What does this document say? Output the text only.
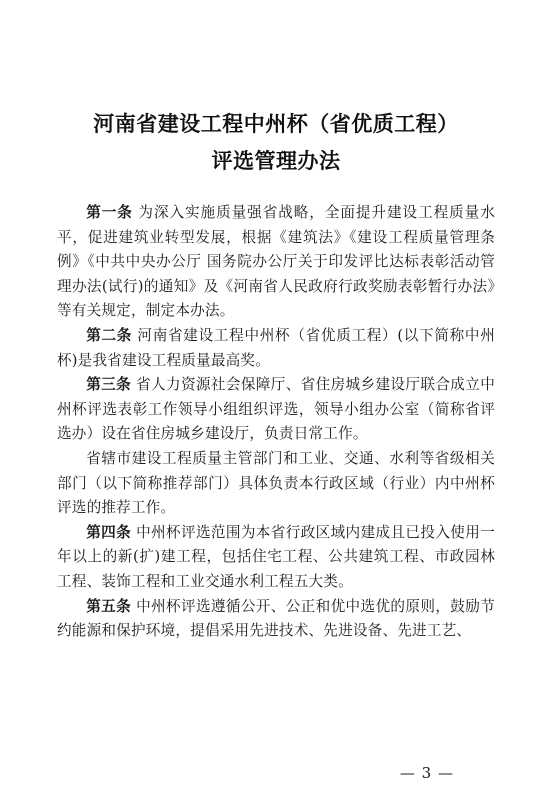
河南省建设工程中州杯（省优质工程）
评选管理办法

第一条 为深入实施质量强省战略，全面提升建设工程质量水平，促进建筑业转型发展，根据《建筑法》《建设工程质量管理条例》《中共中央办公厅 国务院办公厅关于印发评比达标表彰活动管理办法(试行)的通知》及《河南省人民政府行政奖励表彰暂行办法》等有关规定，制定本办法。

第二条 河南省建设工程中州杯（省优质工程）(以下简称中州杯)是我省建设工程质量最高奖。

第三条 省人力资源社会保障厅、省住房城乡建设厅联合成立中州杯评选表彰工作领导小组组织评选，领导小组办公室（简称省评选办）设在省住房城乡建设厅，负责日常工作。

省辖市建设工程质量主管部门和工业、交通、水利等省级相关部门（以下简称推荐部门）具体负责本行政区域（行业）内中州杯评选的推荐工作。

第四条 中州杯评选范围为本省行政区域内建成且已投入使用一年以上的新(扩)建工程，包括住宅工程、公共建筑工程、市政园林工程、装饰工程和工业交通水利工程五大类。

第五条 中州杯评选遵循公开、公正和优中选优的原则，鼓励节约能源和保护环境，提倡采用先进技术、先进设备、先进工艺、

— 3 —
